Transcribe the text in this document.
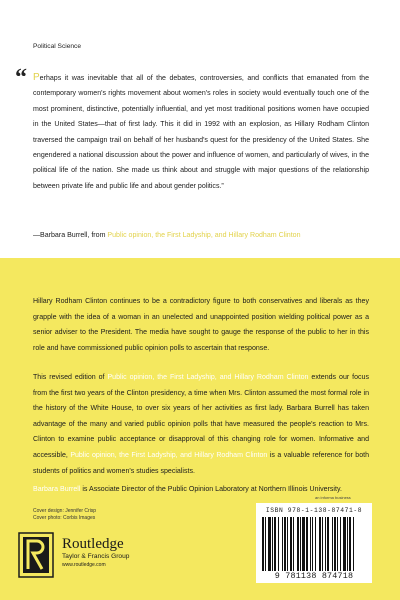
Political Science
“ Perhaps it was inevitable that all of the debates, controversies, and conflicts that emanated from the contemporary women's rights movement about women's roles in society would eventually touch one of the most prominent, distinctive, potentially influential, and yet most traditional positions women have occupied in the United States—that of first lady. This it did in 1992 with an explosion, as Hillary Rodham Clinton traversed the campaign trail on behalf of her husband's quest for the presidency of the United States. She engendered a national discussion about the power and influence of women, and particularly of wives, in the political life of the nation. She made us think about and struggle with major questions of the relationship between private life and public life and about gender politics.”
—Barbara Burrell, from Public opinion, the First Ladyship, and Hillary Rodham Clinton
Hillary Rodham Clinton continues to be a contradictory figure to both conservatives and liberals as they grapple with the idea of a woman in an unelected and unappointed position wielding political power as a senior adviser to the President. The media have sought to gauge the response of the public to her in this role and have commissioned public opinion polls to ascertain that response.
This revised edition of Public opinion, the First Ladyship, and Hillary Rodham Clinton extends our focus from the first two years of the Clinton presidency, a time when Mrs. Clinton assumed the most formal role in the history of the White House, to over six years of her activities as first lady. Barbara Burrell has taken advantage of the many and varied public opinion polls that have measured the people's reaction to Mrs. Clinton to examine public acceptance or disapproval of this changing role for women. Informative and accessible, Public opinion, the First Ladyship, and Hillary Rodham Clinton is a valuable reference for both students of politics and women's studies specialists.
Barbara Burrell is Associate Director of the Public Opinion Laboratory at Northern Illinois University.
Cover design: Jennifer Crisp
Cover photo: Corbis Images
Routledge
Taylor & Francis Group
www.routledge.com
an informa business
ISBN 978-1-138-87471-8
9 781138 874718
